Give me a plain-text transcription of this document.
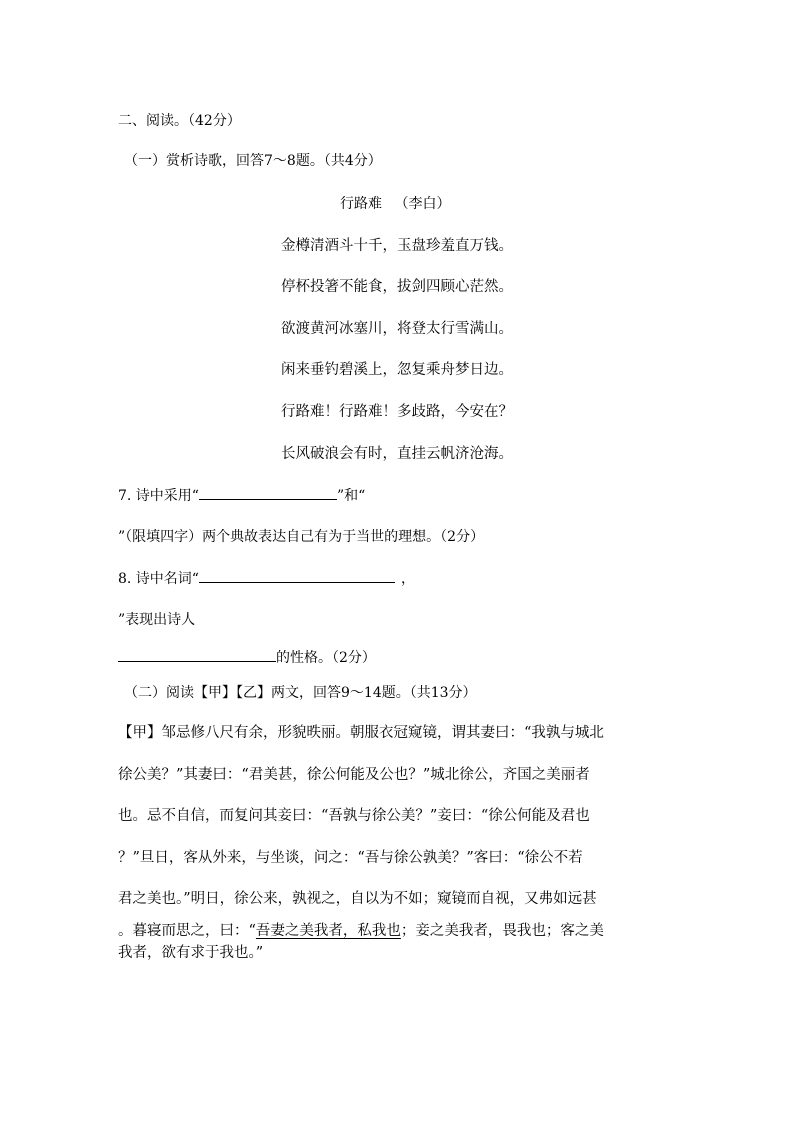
二、阅读。（42分）
（一）赏析诗歌，回答7～8题。（共4分）
行路难 （李白）
金樽清酒斗十千，玉盘珍羞直万钱。
停杯投箸不能食，拔剑四顾心茫然。
欲渡黄河冰塞川，将登太行雪满山。
闲来垂钓碧溪上，忽复乘舟梦日边。
行路难！行路难！多歧路，今安在？
长风破浪会有时，直挂云帆济沧海。
7. 诗中采用“	”和“
”（限填四字）两个典故表达自己有为于当世的理想。（2分）
8. 诗中名词“	，
”表现出诗人
的性格。（2分）
（二）阅读【甲】【乙】两文，回答9～14题。（共13分）
【甲】邹忌修八尺有余，形貌昳丽。朝服衣冠窥镜，谓其妻曰：“我孰与城北
徐公美？”其妻曰：“君美甚，徐公何能及公也？”城北徐公，齐国之美丽者
也。忌不自信，而复问其妾曰：“吾孰与徐公美？”妾曰：“徐公何能及君也
？”旦日，客从外来，与坐谈，问之：“吾与徐公孰美？”客曰：“徐公不若
君之美也。”明日，徐公来，孰视之，自以为不如；窥镜而自视，又弗如远甚
。暮寝而思之，曰：“吾妻之美我者，私我也；妾之美我者，畏我也；客之美
我者，欲有求于我也。”
